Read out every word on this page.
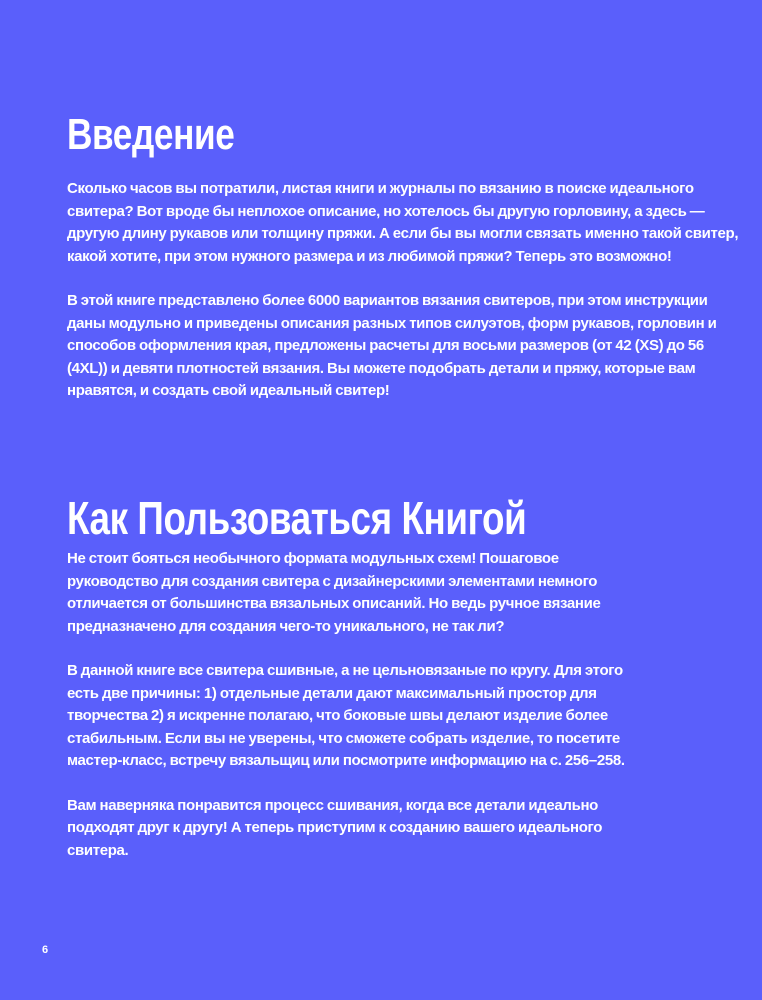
Введение

Сколько часов вы потратили, листая книги и журналы по вязанию в поиске идеального свитера? Вот вроде бы неплохое описание, но хотелось бы другую горловину, а здесь — другую длину рукавов или толщину пряжи. А если бы вы могли связать именно такой свитер, какой хотите, при этом нужного размера и из любимой пряжи? Теперь это возможно!

В этой книге представлено более 6000 вариантов вязания свитеров, при этом инструкции даны модульно и приведены описания разных типов силуэтов, форм рукавов, горловин и способов оформления края, предложены расчеты для восьми размеров (от 42 (XS) до 56 (4XL)) и девяти плотностей вязания. Вы можете подобрать детали и пряжу, которые вам нравятся, и создать свой идеальный свитер!

Как Пользоваться Книгой

Не стоит бояться необычного формата модульных схем! Пошаговое руководство для создания свитера с дизайнерскими элементами немного отличается от большинства вязальных описаний. Но ведь ручное вязание предназначено для создания чего-то уникального, не так ли?

В данной книге все свитера сшивные, а не цельновязаные по кругу. Для этого есть две причины: 1) отдельные детали дают максимальный простор для творчества 2) я искренне полагаю, что боковые швы делают изделие более стабильным. Если вы не уверены, что сможете собрать изделие, то посетите мастер-класс, встречу вязальщиц или посмотрите информацию на с. 256–258.

Вам наверняка понравится процесс сшивания, когда все детали идеально подходят друг к другу! А теперь приступим к созданию вашего идеального свитера.

6
